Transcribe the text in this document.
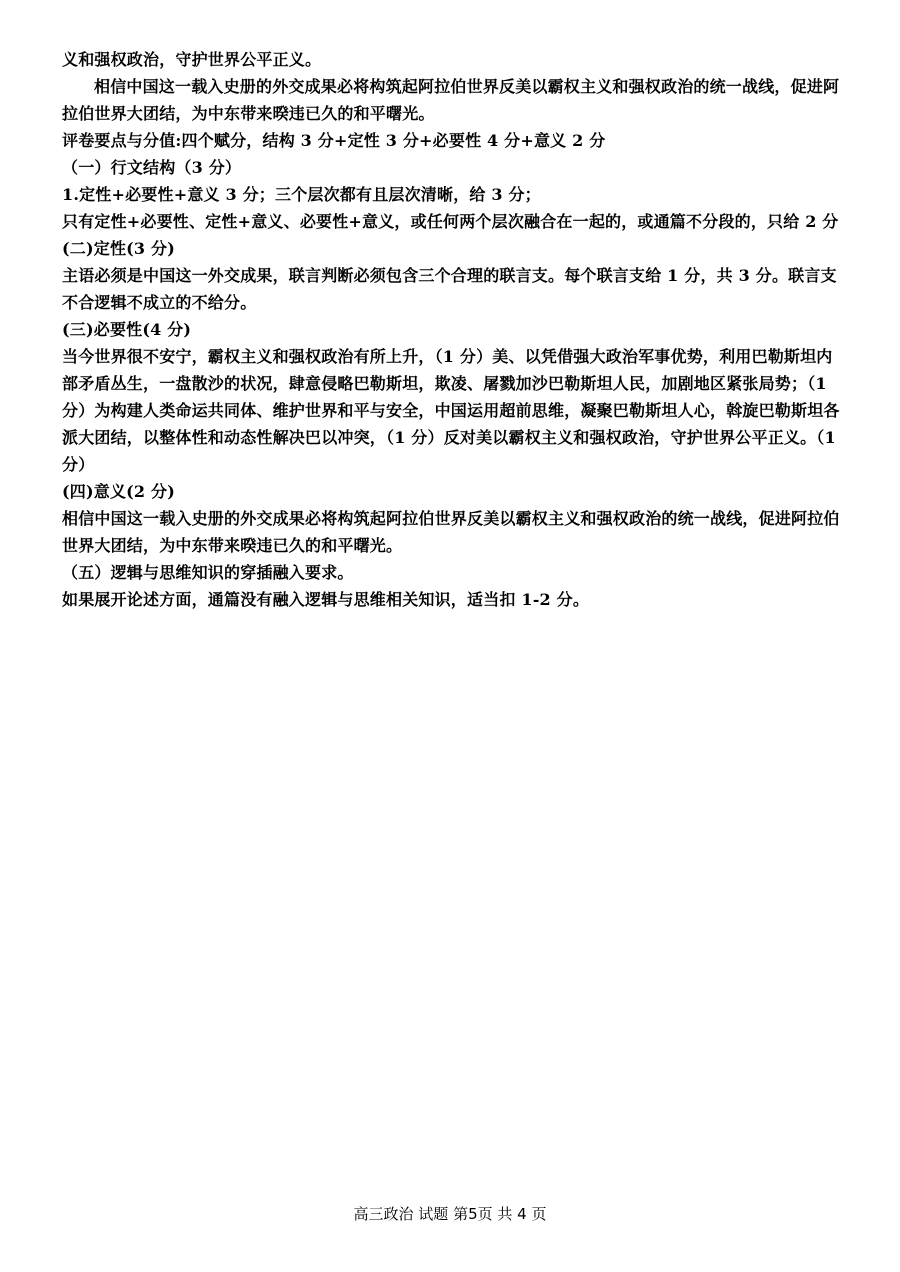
义和强权政治，守护世界公平正义。

相信中国这一载入史册的外交成果必将构筑起阿拉伯世界反美以霸权主义和强权政治的统一战线，促进阿拉伯世界大团结，为中东带来暌违已久的和平曙光。

评卷要点与分值:四个赋分，结构 3 分+定性 3 分+必要性 4 分+意义 2 分

（一）行文结构（3 分）

1.定性+必要性+意义 3 分；三个层次都有且层次清晰，给 3 分；

只有定性+必要性、定性+意义、必要性+意义，或任何两个层次融合在一起的，或通篇不分段的，只给 2 分

(二)定性(3 分)

主语必须是中国这一外交成果，联言判断必须包含三个合理的联言支。每个联言支给 1 分，共 3 分。联言支不合逻辑不成立的不给分。

(三)必要性(4 分)

当今世界很不安宁，霸权主义和强权政治有所上升，（1 分）美、以凭借强大政治军事优势，利用巴勒斯坦内部矛盾丛生，一盘散沙的状况，肆意侵略巴勒斯坦，欺凌、屠戮加沙巴勒斯坦人民，加剧地区紧张局势；（1 分）为构建人类命运共同体、维护世界和平与安全，中国运用超前思维，凝聚巴勒斯坦人心，斡旋巴勒斯坦各派大团结，以整体性和动态性解决巴以冲突，（1 分）反对美以霸权主义和强权政治，守护世界公平正义。（1 分）

(四)意义(2 分)

相信中国这一载入史册的外交成果必将构筑起阿拉伯世界反美以霸权主义和强权政治的统一战线，促进阿拉伯世界大团结，为中东带来暌违已久的和平曙光。

（五）逻辑与思维知识的穿插融入要求。

如果展开论述方面，通篇没有融入逻辑与思维相关知识，适当扣 1-2 分。

高三政治 试题 第5页 共 4 页
